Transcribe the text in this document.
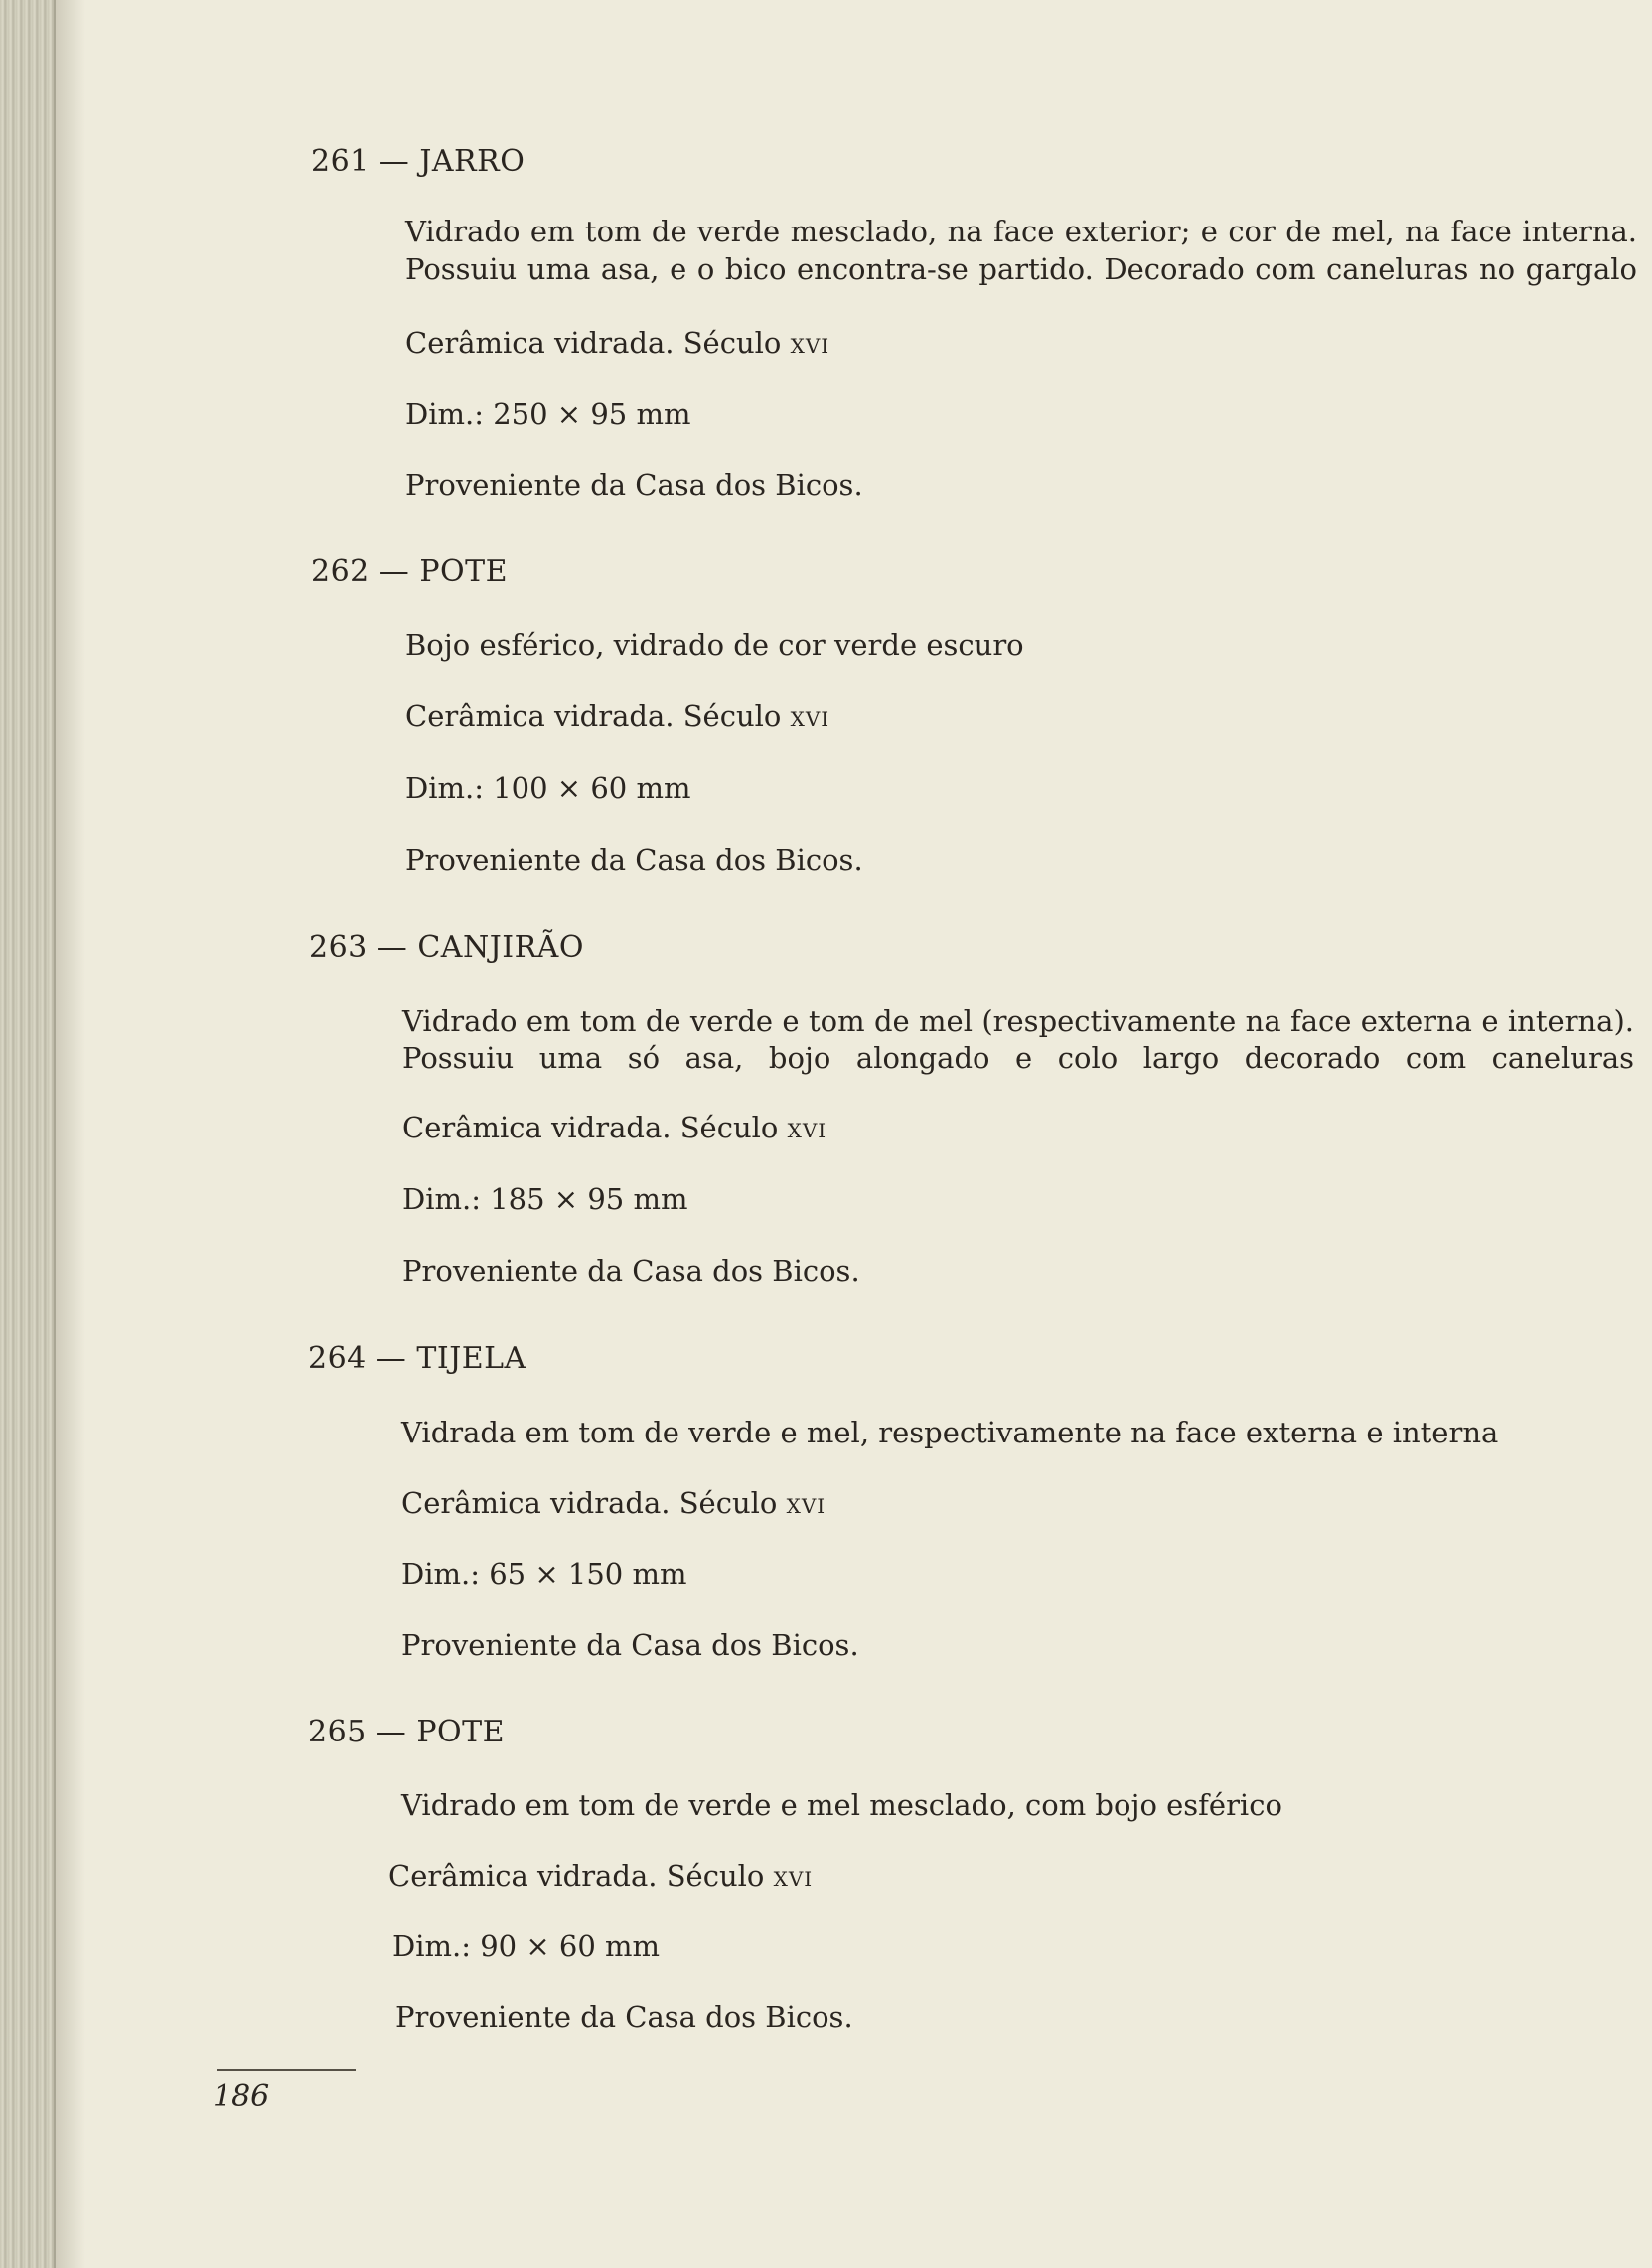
261 — JARRO
Vidrado em tom de verde mesclado, na face exterior; e cor de mel, na face interna.
Possuiu uma asa, e o bico encontra-se partido. Decorado com caneluras no gargalo
Cerâmica vidrada. Século xvi
Dim.: 250 × 95 mm
Proveniente da Casa dos Bicos.
262 — POTE
Bojo esférico, vidrado de cor verde escuro
Cerâmica vidrada. Século xvi
Dim.: 100 × 60 mm
Proveniente da Casa dos Bicos.
263 — CANJIRÃO
Vidrado em tom de verde e tom de mel (respectivamente na face externa e interna).
Possuiu uma só asa, bojo alongado e colo largo decorado com caneluras
Cerâmica vidrada. Século xvi
Dim.: 185 × 95 mm
Proveniente da Casa dos Bicos.
264 — TIJELA
Vidrada em tom de verde e mel, respectivamente na face externa e interna
Cerâmica vidrada. Século xvi
Dim.: 65 × 150 mm
Proveniente da Casa dos Bicos.
265 — POTE
Vidrado em tom de verde e mel mesclado, com bojo esférico
Cerâmica vidrada. Século xvi
Dim.: 90 × 60 mm
Proveniente da Casa dos Bicos.
186
